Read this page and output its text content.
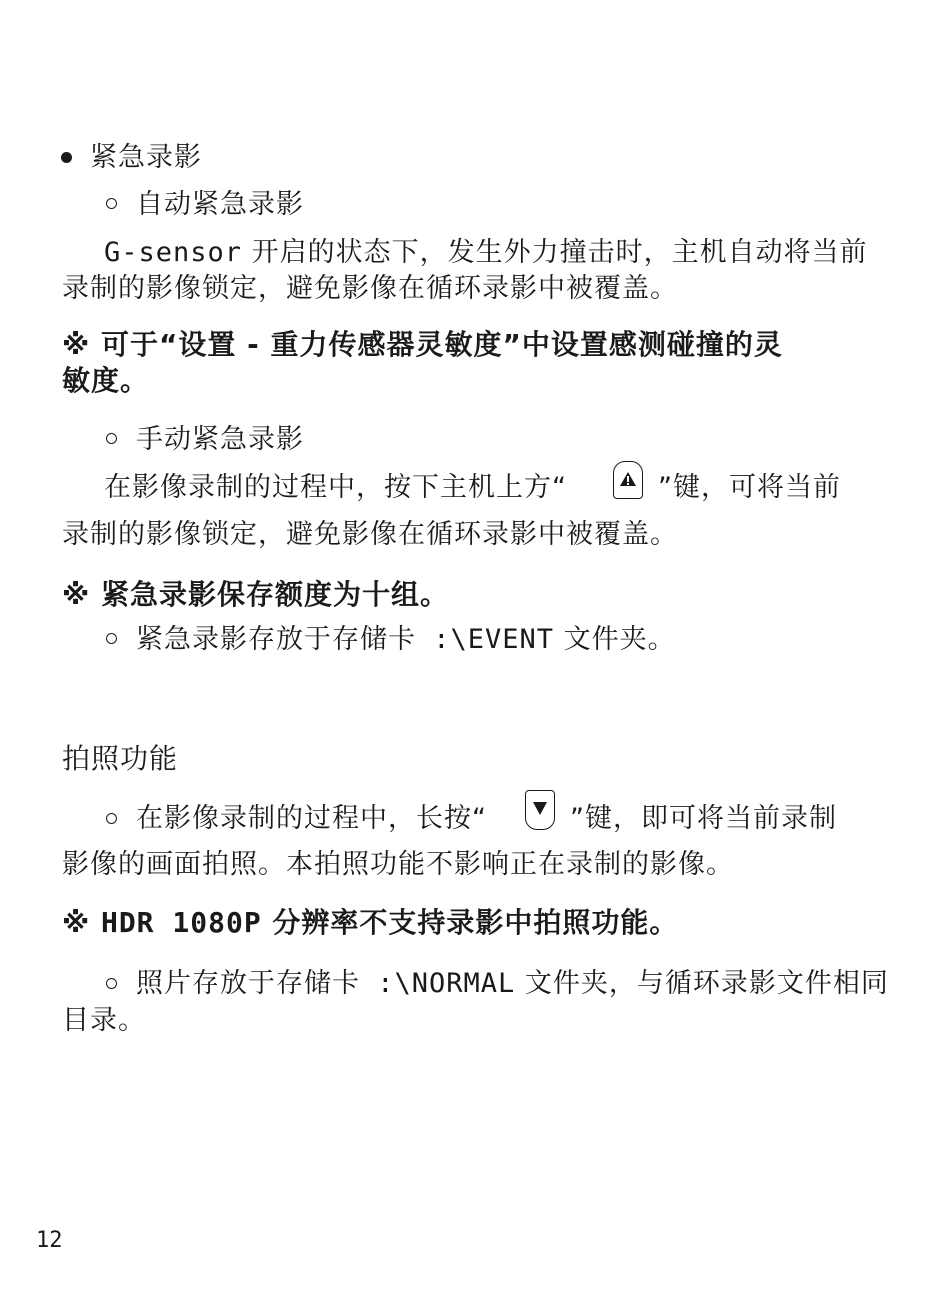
紧急录影
自动紧急录影
G-sensor 开启的状态下，发生外力撞击时，主机自动将当前
录制的影像锁定，避免影像在循环录影中被覆盖。
※ 可于“设置 - 重力传感器灵敏度”中设置感测碰撞的灵
敏度。
手动紧急录影
在影像录制的过程中，按下主机上方“	”键，可将当前
录制的影像锁定，避免影像在循环录影中被覆盖。
※ 紧急录影保存额度为十组。
紧急录影存放于存储卡 :\EVENT 文件夹。
拍照功能
在影像录制的过程中，长按“	”键，即可将当前录制
影像的画面拍照。本拍照功能不影响正在录制的影像。
※ HDR 1080P 分辨率不支持录影中拍照功能。
照片存放于存储卡 :\NORMAL 文件夹，与循环录影文件相同
目录。
12
